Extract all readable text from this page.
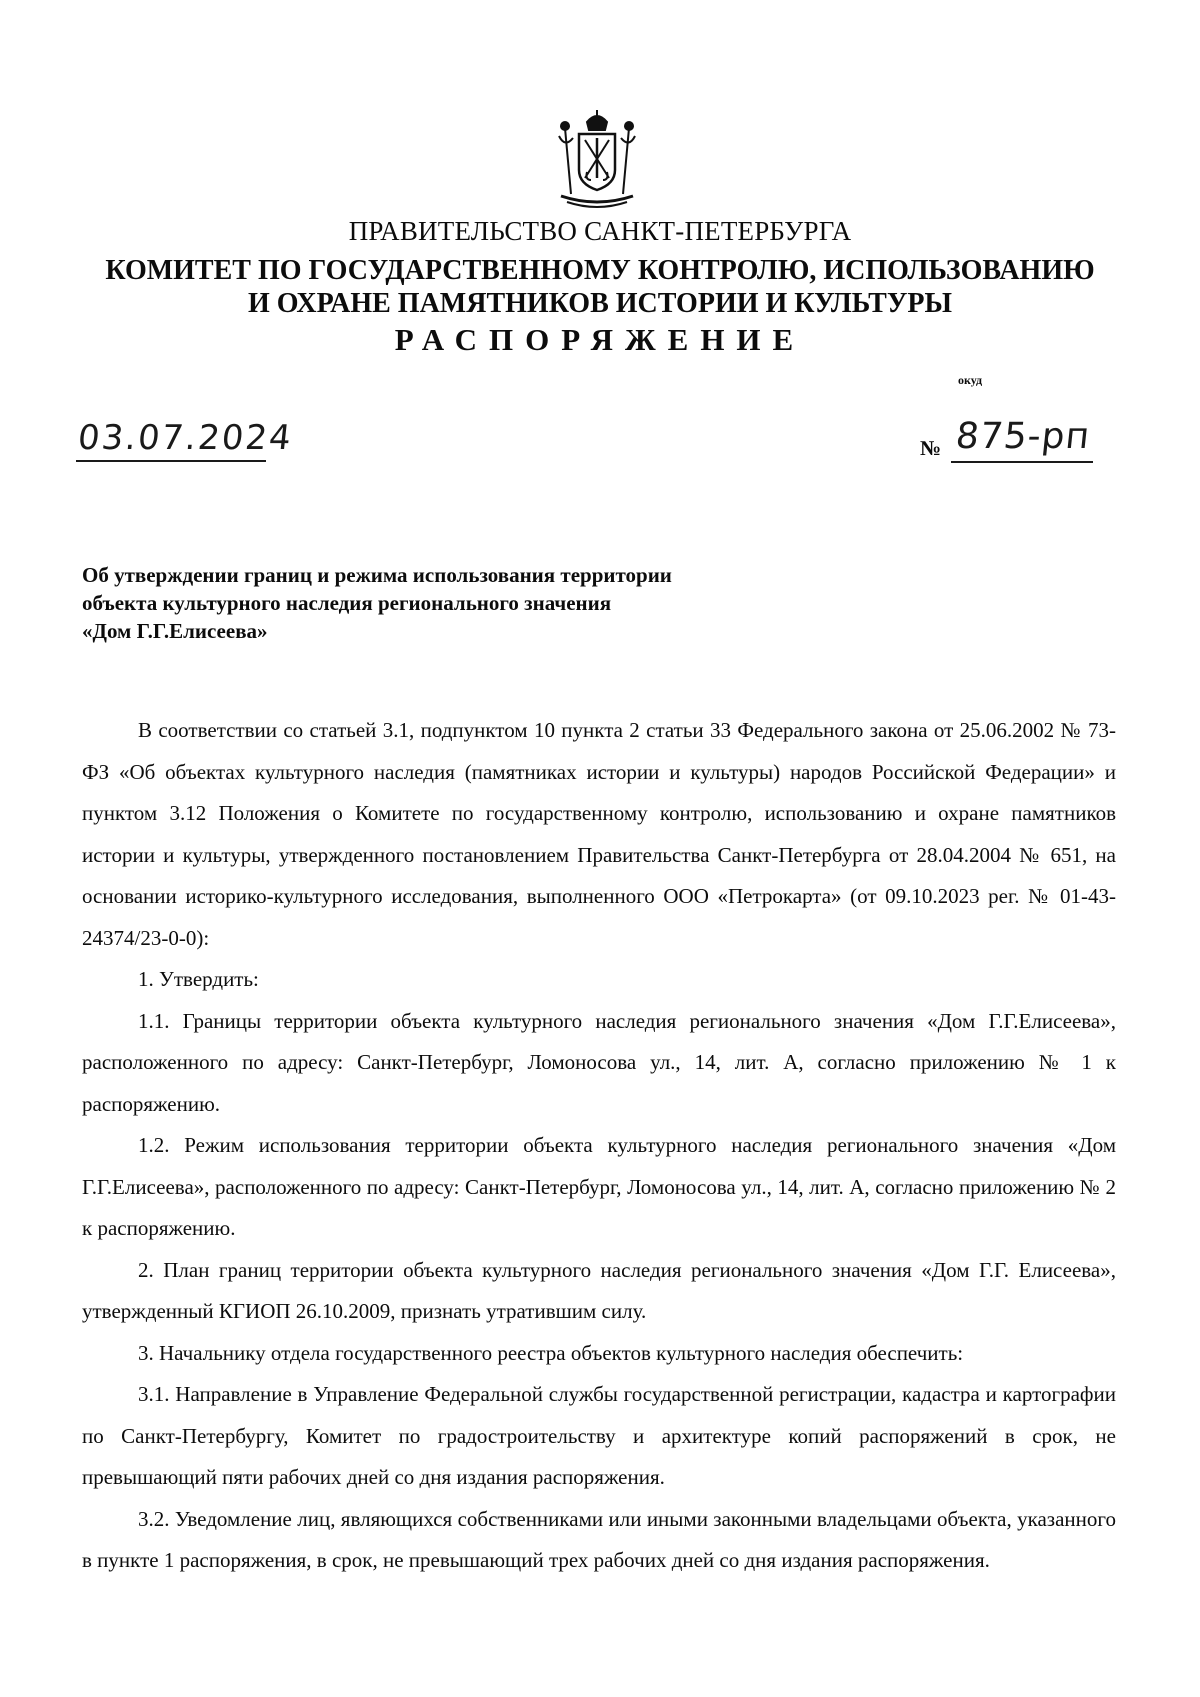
ПРАВИТЕЛЬСТВО САНКТ-ПЕТЕРБУРГА

КОМИТЕТ ПО ГОСУДАРСТВЕННОМУ КОНТРОЛЮ, ИСПОЛЬЗОВАНИЮ
И ОХРАНЕ ПАМЯТНИКОВ ИСТОРИИ И КУЛЬТУРЫ

РАСПОРЯЖЕНИЕ

окуд
03.07.2024	№ 875-рп
Об утверждении границ и режима использования территории
объекта культурного наследия регионального значения
«Дом Г.Г.Елисеева»

В соответствии со статьей 3.1, подпунктом 10 пункта 2 статьи 33 Федерального закона от 25.06.2002 № 73-ФЗ «Об объектах культурного наследия (памятниках истории и культуры) народов Российской Федерации» и пунктом 3.12 Положения о Комитете по государственному контролю, использованию и охране памятников истории и культуры, утвержденного постановлением Правительства Санкт-Петербурга от 28.04.2004 № 651, на основании историко-культурного исследования, выполненного ООО «Петрокарта» (от 09.10.2023 рег. № 01-43-24374/23-0-0):

1. Утвердить:

1.1. Границы территории объекта культурного наследия регионального значения «Дом Г.Г.Елисеева», расположенного по адресу: Санкт-Петербург, Ломоносова ул., 14, лит. А, согласно приложению № 1 к распоряжению.

1.2. Режим использования территории объекта культурного наследия регионального значения «Дом Г.Г.Елисеева», расположенного по адресу: Санкт-Петербург, Ломоносова ул., 14, лит. А, согласно приложению № 2 к распоряжению.

2. План границ территории объекта культурного наследия регионального значения «Дом Г.Г. Елисеева», утвержденный КГИОП 26.10.2009, признать утратившим силу.

3. Начальнику отдела государственного реестра объектов культурного наследия обеспечить:

3.1. Направление в Управление Федеральной службы государственной регистрации, кадастра и картографии по Санкт-Петербургу, Комитет по градостроительству и архитектуре копий распоряжений в срок, не превышающий пяти рабочих дней со дня издания распоряжения.

3.2. Уведомление лиц, являющихся собственниками или иными законными владельцами объекта, указанного в пункте 1 распоряжения, в срок, не превышающий трех рабочих дней со дня издания распоряжения.
